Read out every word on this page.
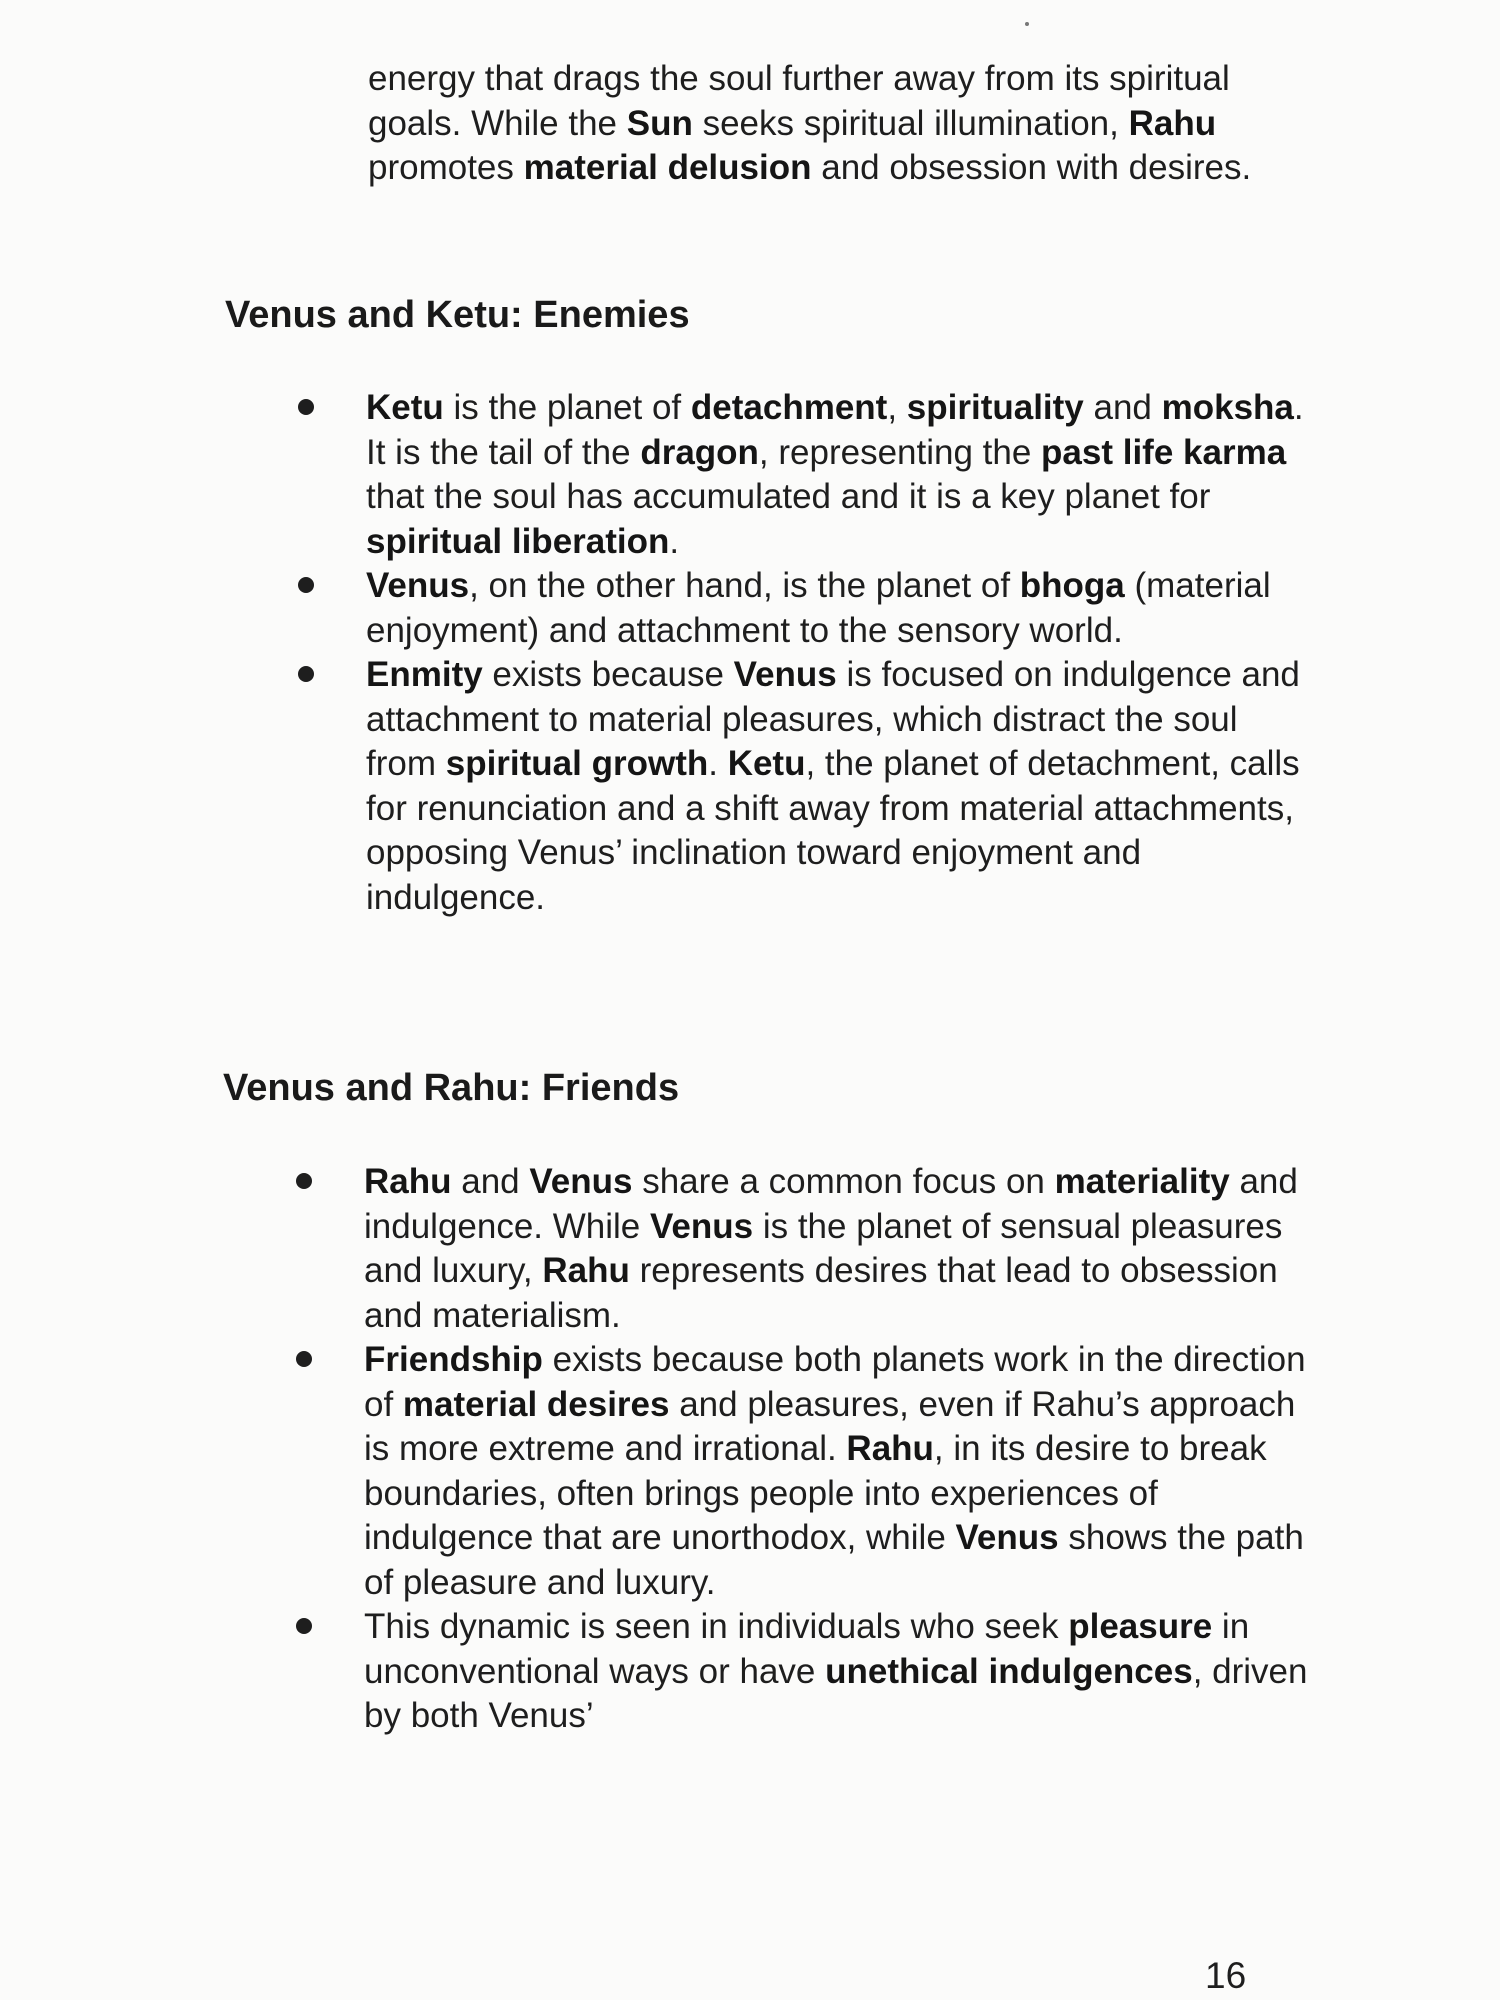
energy that drags the soul further away from its spiritual goals. While the Sun seeks spiritual illumination, Rahu promotes material delusion and obsession with desires.

Venus and Ketu: Enemies
Ketu is the planet of detachment, spirituality and moksha. It is the tail of the dragon, representing the past life karma that the soul has accumulated and it is a key planet for spiritual liberation.
Venus, on the other hand, is the planet of bhoga (material enjoyment) and attachment to the sensory world.
Enmity exists because Venus is focused on indulgence and attachment to material pleasures, which distract the soul from spiritual growth. Ketu, the planet of detachment, calls for renunciation and a shift away from material attachments, opposing Venus’ inclination toward enjoyment and indulgence.
Venus and Rahu: Friends
Rahu and Venus share a common focus on materiality and indulgence. While Venus is the planet of sensual pleasures and luxury, Rahu represents desires that lead to obsession and materialism.
Friendship exists because both planets work in the direction of material desires and pleasures, even if Rahu’s approach is more extreme and irrational. Rahu, in its desire to break boundaries, often brings people into experiences of indulgence that are unorthodox, while Venus shows the path of pleasure and luxury.
This dynamic is seen in individuals who seek pleasure in unconventional ways or have unethical indulgences, driven by both Venus’
16
